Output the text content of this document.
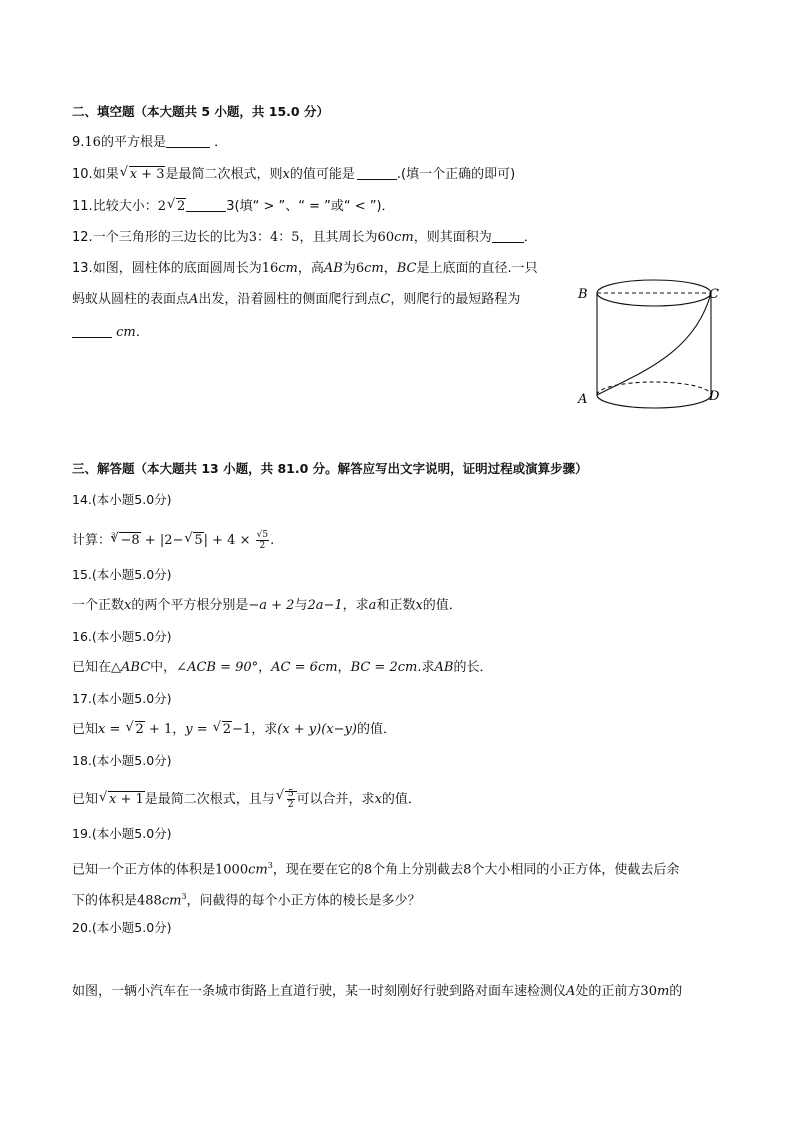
二、填空题（本大题共 5 小题，共 15.0 分）
9.16的平方根是	．
10.如果 √ x + 3是最简二次根式，则x的值可能是	.(填一个正确的即可)
11.比较大小：2 √ 2	3(填“ > ”、“ = ”或“ < ”)．
12.一个三角形的三边长的比为3：4：5，且其周长为60cm，则其面积为 ．
13.如图，圆柱体的底面圆周长为16cm，高AB为6cm，BC是上底面的直径.一只
蚂蚁从圆柱的表面点A出发，沿着圆柱的侧面爬行到点C，则爬行的最短路程为
cm．
B	C
A	D
三、解答题（本大题共 13 小题，共 81.0 分。解答应写出文字说明，证明过程或演算步骤）
14.(本小题5.0分)
计算：$^3$ √ −8 + |2− √ $5| + 4 \times \frac{√5}{2}$ .
15.(本小题5.0分)
一个正数x的两个平方根分别是−a + 2与2a−1，求a和正数x的值．
16.(本小题5.0分)
已知在△ABC中，∠ACB = 90°，AC = 6cm，BC = 2cm.求AB的长．
17.(本小题5.0分)
已知x = √ 2 + 1，y = √ 2−1，求(x + y)(x−y)的值．
18.(本小题5.0分)
已知 √ x + 1是最简二次根式，且与 √ $\frac{5}{2}$ 可以合并，求x的值．
19.(本小题5.0分)
已知一个正方体的体积是$1000cm^3$，现在要在它的8个角上分别截去8个大小相同的小正方体，使截去后余
下的体积是$488cm^3$，问截得的每个小正方体的棱长是多少？
20.(本小题5.0分)
如图，一辆小汽车在一条城市街路上直道行驶，某一时刻刚好行驶到路对面车速检测仪A处的正前方30m的
